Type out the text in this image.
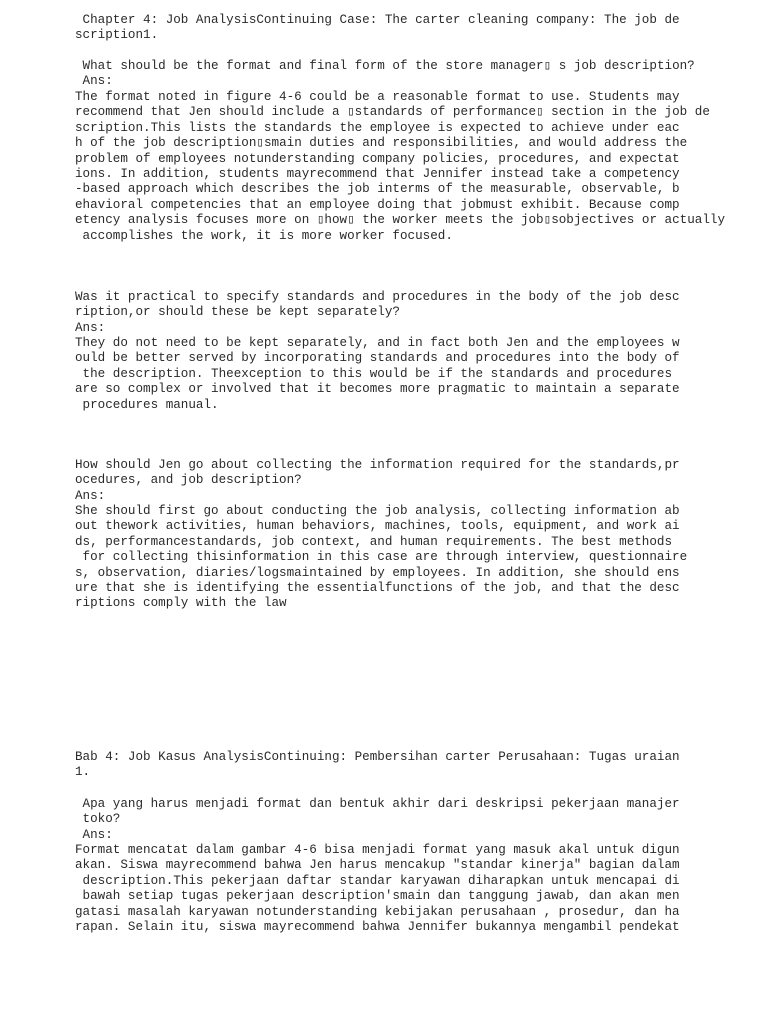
Chapter 4: Job AnalysisContinuing Case: The carter cleaning company: The job de
scription1.
What should be the format and final form of the store manager▯ s job description?
Ans:
The format noted in figure 4-6 could be a reasonable format to use. Students may
recommend that Jen should include a ▯standards of performance▯ section in the job de
scription.This lists the standards the employee is expected to achieve under eac
h of the job description▯smain duties and responsibilities, and would address the
problem of employees notunderstanding company policies, procedures, and expectat
ions. In addition, students mayrecommend that Jennifer instead take a competency
-based approach which describes the job interms of the measurable, observable, b
ehavioral competencies that an employee doing that jobmust exhibit. Because comp
etency analysis focuses more on ▯how▯ the worker meets the job▯sobjectives or actually
accomplishes the work, it is more worker focused.
Was it practical to specify standards and procedures in the body of the job desc
ription,or should these be kept separately?
Ans:
They do not need to be kept separately, and in fact both Jen and the employees w
ould be better served by incorporating standards and procedures into the body of
the description. Theexception to this would be if the standards and procedures
are so complex or involved that it becomes more pragmatic to maintain a separate
procedures manual.
How should Jen go about collecting the information required for the standards,pr
ocedures, and job description?
Ans:
She should first go about conducting the job analysis, collecting information ab
out thework activities, human behaviors, machines, tools, equipment, and work ai
ds, performancestandards, job context, and human requirements. The best methods
for collecting thisinformation in this case are through interview, questionnaire
s, observation, diaries/logsmaintained by employees. In addition, she should ens
ure that she is identifying the essentialfunctions of the job, and that the desc
riptions comply with the law
Bab 4: Job Kasus AnalysisContinuing: Pembersihan carter Perusahaan: Tugas uraian
1.
Apa yang harus menjadi format dan bentuk akhir dari deskripsi pekerjaan manajer
toko?
Ans:
Format mencatat dalam gambar 4-6 bisa menjadi format yang masuk akal untuk digun
akan. Siswa mayrecommend bahwa Jen harus mencakup "standar kinerja" bagian dalam
description.This pekerjaan daftar standar karyawan diharapkan untuk mencapai di
bawah setiap tugas pekerjaan description'smain dan tanggung jawab, dan akan men
gatasi masalah karyawan notunderstanding kebijakan perusahaan , prosedur, dan ha
rapan. Selain itu, siswa mayrecommend bahwa Jennifer bukannya mengambil pendekat
